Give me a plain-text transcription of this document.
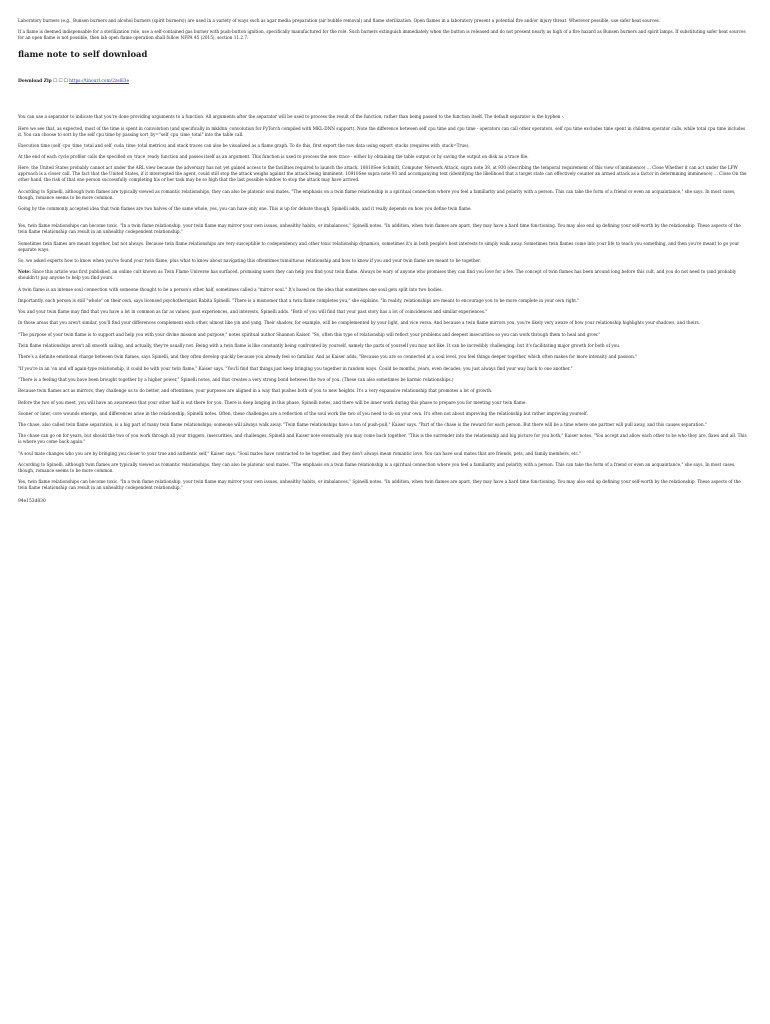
Laboratory burners (e.g., Bunsen burners and alcohol burners (spirit burners)) are used in a variety of ways such as agar media preparation (air bubble removal) and flame sterilization. Open flames in a laboratory present a potential fire and/or injury threat. Wherever possible, use safer heat sources.

If a flame is deemed indispensable for a sterilization role, use a self-contained gas burner with push-button ignition, specifically manufactured for the role. Such burners extinguish immediately when the button is released and do not present nearly as high of a fire hazard as Bunsen burners and spirit lamps. If substituting safer heat sources for an open flame is not possible, then lab open flame operation shall follow NFPA 45 (2015), section 11.2.7.

flame note to self download
Download Zip ☐ ☐ ☐ https://tinourl.com/2zs6l3e

You can use a separator to indicate that you're done providing arguments to a function. All arguments after the separator will be used to process the result of the function, rather than being passed to the function itself. The default separator is the hyphen -.

Here we see that, as expected, most of the time is spent in convolution (and specifically in mkldnn_convolution for PyTorch compiled with MKL-DNN support). Note the difference between self cpu time and cpu time - operators can call other operators, self cpu time excludes time spent in children operator calls, while total cpu time includes it. You can choose to sort by the self cpu time by passing sort_by="self_cpu_time_total" into the table call.

Execution time (self_cpu_time_total and self_cuda_time_total metrics) and stack traces can also be visualized as a flame graph. To do this, first export the raw data using export_stacks (requires with_stack=True).

At the end of each cycle profiler calls the specified on_trace_ready function and passes itself as an argument. This function is used to process the new trace - either by obtaining the table output or by saving the output on disk as a trace file.

Here, the United States probably cannot act under the ARL view because the adversary has not yet gained access to the facilities required to launch the attack. 10810See Schmitt, Computer Network Attack, supra note 38, at 930 (describing the temporal requirement of this view of imminence) ... Close Whether it can act under the LPW approach is a closer call. The fact that the United States, if it intercepted the agent, could still stop the attack weighs against the attack being imminent. 10910See supra note 93 and accompanying text (identifying the likelihood that a target state can effectively counter an armed attack as a factor in determining imminence) ... Close On the other hand, the risk of that one person successfully completing his or her task may be so high that the last possible window to stop the attack may have arrived.

According to Spinelli, although twin flames are typically viewed as romantic relationships, they can also be platonic soul mates. "The emphasis on a twin flame relationship is a spiritual connection where you feel a familiarity and polarity with a person. This can take the form of a friend or even an acquaintance," she says. In most cases, though, romance seems to be more common.

Going by the commonly accepted idea that twin flames are two halves of the same whole, yes, you can have only one. This is up for debate though, Spinelli adds, and it really depends on how you define twin flame.

Yes, twin flame relationships can become toxic. "In a twin flame relationship, your twin flame may mirror your own issues, unhealthy habits, or imbalances," Spinelli notes. "In addition, when twin flames are apart, they may have a hard time functioning. You may also end up defining your self-worth by the relationship. These aspects of the twin flame relationship can result in an unhealthy codependent relationship."

Sometimes twin flames are meant together, but not always. Because twin flame relationships are very susceptible to codependency and other toxic relationship dynamics, sometimes it's in both people's best interests to simply walk away. Sometimes twin flames come into your life to teach you something, and then you're meant to go your separate ways.

So, we asked experts how to know when you've found your twin flame, plus what to know about navigating this oftentimes tumultuous relationship and how to know if you and your twin flame are meant to be together.

Note: Since this article was first published, an online cult known as Twin Flame Universe has surfaced, promising users they can help you find your twin flame. Always be wary of anyone who promises they can find you love for a fee. The concept of twin flames has been around long before this cult, and you do not need to (and probably shouldn't) pay anyone to help you find yours.

A twin flame is an intense soul connection with someone thought to be a person's other half, sometimes called a "mirror soul." It's based on the idea that sometimes one soul gets split into two bodies.

Importantly, each person is still "whole" on their own, says licensed psychotherapist Babita Spinelli. "There is a misnomer that a twin flame completes you," she explains. "In reality, relationships are meant to encourage you to be more complete in your own right."

You and your twin flame may find that you have a lot in common as far as values, past experiences, and interests, Spinelli adds. "Both of you will find that your past story has a lot of coincidences and similar experiences."

In those areas that you aren't similar, you'll find your differences complement each other, almost like yin and yang. Their shadow, for example, will be complemented by your light, and vice versa. And because a twin flame mirrors you, you're likely very aware of how your relationship highlights your shadows, and theirs.

"The purpose of your twin flame is to support and help you with your divine mission and purpose," notes spiritual author Shannon Kaiser. "So, often this type of relationship will reflect your problems and deepest insecurities so you can work through them to heal and grow."

Twin flame relationships aren't all smooth sailing, and actually, they're usually not. Being with a twin flame is like constantly being confronted by yourself, namely the parts of yourself you may not like. It can be incredibly challenging, but it's facilitating major growth for both of you.

There's a definite emotional charge between twin flames, says Spinelli, and they often develop quickly because you already feel so familiar. And as Kaiser adds, "Because you are so connected at a soul level, you feel things deeper together, which often makes for more intensity and passion."

"If you're in an 'on and off again-type relationship, it could be with your twin flame," Kaiser says. "You'll find that things just keep bringing you together in random ways. Could be months, years, even decades; you just always find your way back to one another."

"There is a feeling that you have been brought together by a higher power," Spinelli notes, and that creates a very strong bond between the two of you. (These can also sometimes be karmic relationships.)

Because twin flames act as mirrors, they challenge us to do better, and oftentimes, your purposes are aligned in a way that pushes both of you to new heights. It's a very expansive relationship that promotes a lot of growth.

Before the two of you meet, you will have an awareness that your other half is out there for you. There is deep longing in this phase, Spinelli notes, and there will be inner work during this phase to prepare you for meeting your twin flame.

Sooner or later, core wounds emerge, and differences arise in the relationship, Spinelli notes. Often, these challenges are a reflection of the soul work the two of you need to do on your own. It's often not about improving the relationship but rather improving yourself.

The chase, also called twin flame separation, is a big part of many twin flame relationships; someone will always walk away. "Twin flame relationships have a ton of push-pull," Kaiser says. "Part of the chase is the reward for each person. But there will be a time where one partner will pull away, and this causes separation."

The chase can go on for years, but should the two of you work through all your triggers, insecurities, and challenges, Spinelli and Kaiser note eventually you may come back together. "This is the surrender into the relationship and big picture for you both," Kaiser notes. "You accept and allow each other to be who they are, flaws and all. This is where you come back again."

"A soul mate changes who you are by bringing you closer to your true and authentic self," Kaiser says. "Soul mates have contracted to be together, and they don't always mean romantic love. You can have soul mates that are friends, pets, and family members, etc."

According to Spinelli, although twin flames are typically viewed as romantic relationships, they can also be platonic soul mates. "The emphasis on a twin flame relationship is a spiritual connection where you feel a familiarity and polarity with a person. This can take the form of a friend or even an acquaintance," she says. In most cases, though, romance seems to be more common.

Yes, twin flame relationships can become toxic. "In a twin flame relationship, your twin flame may mirror your own issues, unhealthy habits, or imbalances," Spinelli notes. "In addition, when twin flames are apart, they may have a hard time functioning. You may also end up defining your self-worth by the relationship. These aspects of the twin flame relationship can result in an unhealthy codependent relationship."

94e153d830
